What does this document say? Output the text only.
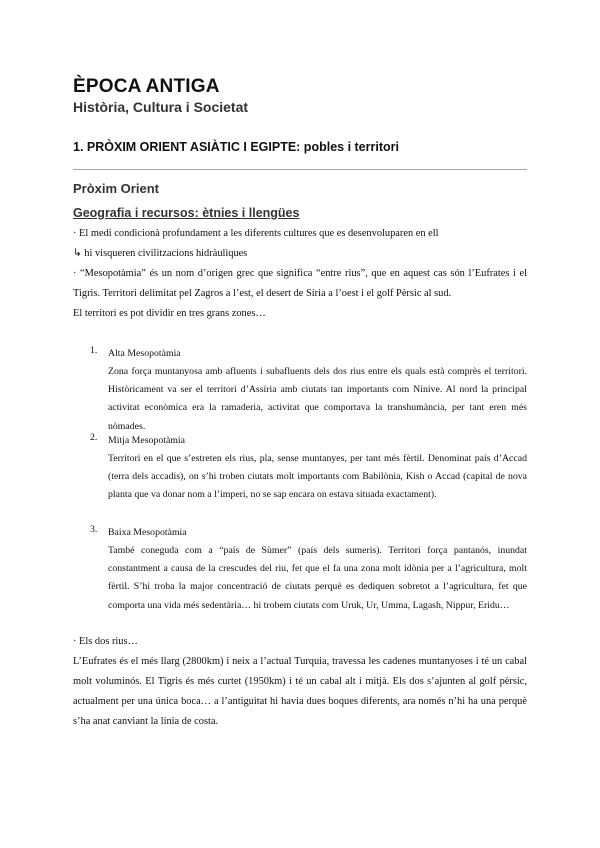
ÈPOCA ANTIGA
Història, Cultura i Societat
1. PRÒXIM ORIENT ASIÀTIC I EGIPTE: pobles i territori
Pròxim Orient
Geografia i recursos: ètnies i llengües
· El medi condicionà profundament a les diferents cultures que es desenvoluparen en ell
↳ hi visqueren civilitzacions hidràuliques
· “Mesopotàmia” és un nom d’origen grec que significa “entre rius”, que en aquest cas són l’Eufrates i el Tigris. Territori delimitat pel Zagros a l’est, el desert de Síria a l’oest i el golf Pèrsic al sud.
El territori es pot dividir en tres grans zones…
1. Alta Mesopotàmia
Zona força muntanyosa amb afluents i subafluents dels dos rius entre els quals està comprès el territori. Històricament va ser el territori d’Assíria amb ciutats tan importants com Nínive. Al nord la principal activitat econòmica era la ramaderia, activitat que comportava la transhumància, per tant eren més nòmades.
2. Mitja Mesopotàmia
Territori en el que s’estreten els rius, pla, sense muntanyes, per tant més fèrtil. Denominat país d’Accad (terra dels accadis), on s’hi troben ciutats molt importants com Babilònia, Kish o Accad (capital de nova planta que va donar nom a l’imperi, no se sap encara on estava situada exactament).
3. Baixa Mesopotàmia
També coneguda com a “país de Sùmer” (país dels sumeris). Territori força pantanós, inundat constantment a causa de la crescudes del riu, fet que el fa una zona molt idònia per a l’agricultura, molt fèrtil. S’hi troba la major concentració de ciutats perquè es dediquen sobretot a l’agricultura, fet que comporta una vida més sedentària… hi trobem ciutats com Uruk, Ur, Umma, Lagash, Nippur, Eridu…
· Els dos rius…
L’Eufrates és el més llarg (2800km) i neix a l’actual Turquia, travessa les cadenes muntanyoses i té un cabal molt voluminós. El Tigris és més curtet (1950km) i té un cabal alt i mitjà. Els dos s’ajunten al golf pèrsic, actualment per una única boca… a l’antiguitat hi havia dues boques diferents, ara només n’hi ha una perquè s’ha anat canviant la línia de costa.
